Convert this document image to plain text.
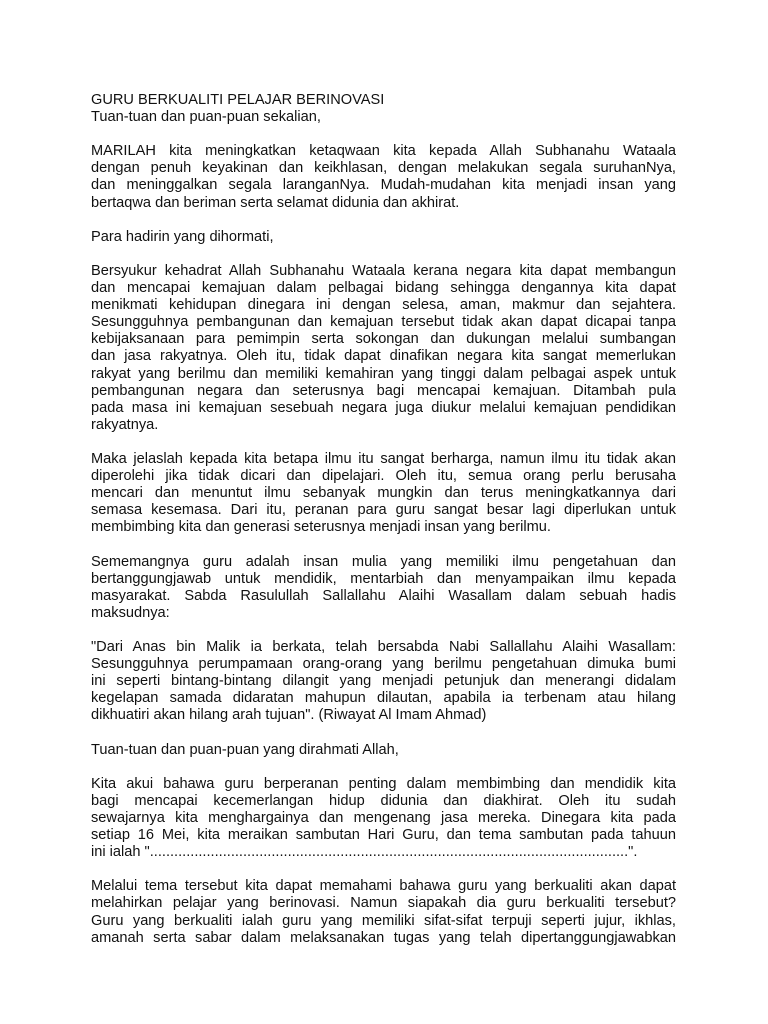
GURU BERKUALITI PELAJAR BERINOVASI
Tuan-tuan dan puan-puan sekalian,
MARILAH kita meningkatkan ketaqwaan kita kepada Allah Subhanahu Wataala
dengan penuh keyakinan dan keikhlasan, dengan melakukan segala suruhanNya,
dan meninggalkan segala laranganNya. Mudah-mudahan kita menjadi insan yang
bertaqwa dan beriman serta selamat didunia dan akhirat.
Para hadirin yang dihormati,
Bersyukur kehadrat Allah Subhanahu Wataala kerana negara kita dapat membangun
dan mencapai kemajuan dalam pelbagai bidang sehingga dengannya kita dapat
menikmati kehidupan dinegara ini dengan selesa, aman, makmur dan sejahtera.
Sesungguhnya pembangunan dan kemajuan tersebut tidak akan dapat dicapai tanpa
kebijaksanaan para pemimpin serta sokongan dan dukungan melalui sumbangan
dan jasa rakyatnya. Oleh itu, tidak dapat dinafikan negara kita sangat memerlukan
rakyat yang berilmu dan memiliki kemahiran yang tinggi dalam pelbagai aspek untuk
pembangunan negara dan seterusnya bagi mencapai kemajuan. Ditambah pula
pada masa ini kemajuan sesebuah negara juga diukur melalui kemajuan pendidikan
rakyatnya.
Maka jelaslah kepada kita betapa ilmu itu sangat berharga, namun ilmu itu tidak akan
diperolehi jika tidak dicari dan dipelajari. Oleh itu, semua orang perlu berusaha
mencari dan menuntut ilmu sebanyak mungkin dan terus meningkatkannya dari
semasa kesemasa. Dari itu, peranan para guru sangat besar lagi diperlukan untuk
membimbing kita dan generasi seterusnya menjadi insan yang berilmu.
Sememangnya guru adalah insan mulia yang memiliki ilmu pengetahuan dan
bertanggungjawab untuk mendidik, mentarbiah dan menyampaikan ilmu kepada
masyarakat. Sabda Rasulullah Sallallahu Alaihi Wasallam dalam sebuah hadis
maksudnya:
"Dari Anas bin Malik ia berkata, telah bersabda Nabi Sallallahu Alaihi Wasallam:
Sesungguhnya perumpamaan orang-orang yang berilmu pengetahuan dimuka bumi
ini seperti bintang-bintang dilangit yang menjadi petunjuk dan menerangi didalam
kegelapan samada didaratan mahupun dilautan, apabila ia terbenam atau hilang
dikhuatiri akan hilang arah tujuan". (Riwayat Al Imam Ahmad)
Tuan-tuan dan puan-puan yang dirahmati Allah,
Kita akui bahawa guru berperanan penting dalam membimbing dan mendidik kita
bagi mencapai kecemerlangan hidup didunia dan diakhirat. Oleh itu sudah
sewajarnya kita menghargainya dan mengenang jasa mereka. Dinegara kita pada
setiap 16 Mei, kita meraikan sambutan Hari Guru, dan tema sambutan pada tahuun
ini ialah "......................................................................................................................".
Melalui tema tersebut kita dapat memahami bahawa guru yang berkualiti akan dapat
melahirkan pelajar yang berinovasi. Namun siapakah dia guru berkualiti tersebut?
Guru yang berkualiti ialah guru yang memiliki sifat-sifat terpuji seperti jujur, ikhlas,
amanah serta sabar dalam melaksanakan tugas yang telah dipertanggungjawabkan
